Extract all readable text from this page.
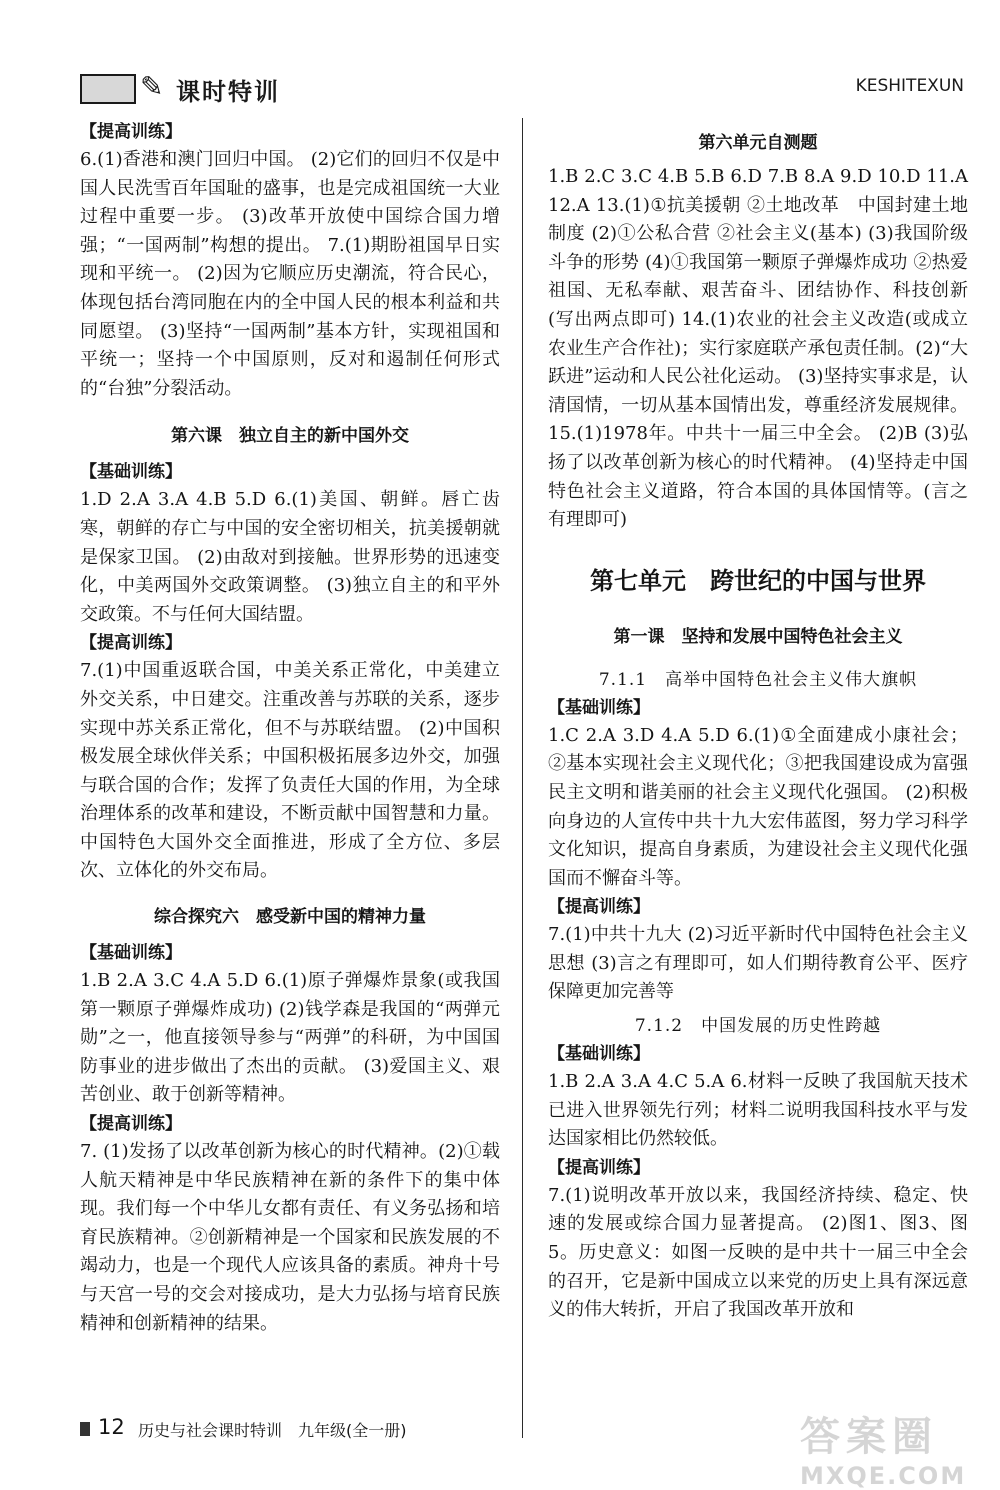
✎ 课时特训	KESHITEXUN

【提高训练】

6.(1)香港和澳门回归中国。 (2)它们的回归不仅是中国人民洗雪百年国耻的盛事，也是完成祖国统一大业过程中重要一步。 (3)改革开放使中国综合国力增强；“一国两制”构想的提出。 7.(1)期盼祖国早日实现和平统一。 (2)因为它顺应历史潮流，符合民心，体现包括台湾同胞在内的全中国人民的根本利益和共同愿望。 (3)坚持“一国两制”基本方针，实现祖国和平统一；坚持一个中国原则，反对和遏制任何形式的“台独”分裂活动。

第六课　独立自主的新中国外交

【基础训练】

1.D 2.A 3.A 4.B 5.D 6.(1)美国、朝鲜。唇亡齿寒，朝鲜的存亡与中国的安全密切相关，抗美援朝就是保家卫国。 (2)由敌对到接触。世界形势的迅速变化，中美两国外交政策调整。 (3)独立自主的和平外交政策。不与任何大国结盟。

【提高训练】

7.(1)中国重返联合国，中美关系正常化，中美建立外交关系，中日建交。注重改善与苏联的关系，逐步实现中苏关系正常化，但不与苏联结盟。 (2)中国积极发展全球伙伴关系；中国积极拓展多边外交，加强与联合国的合作；发挥了负责任大国的作用，为全球治理体系的改革和建设，不断贡献中国智慧和力量。中国特色大国外交全面推进，形成了全方位、多层次、立体化的外交布局。

综合探究六　感受新中国的精神力量

【基础训练】

1.B 2.A 3.C 4.A 5.D 6.(1)原子弹爆炸景象(或我国第一颗原子弹爆炸成功) (2)钱学森是我国的“两弹元勋”之一，他直接领导参与“两弹”的科研，为中国国防事业的进步做出了杰出的贡献。 (3)爱国主义、艰苦创业、敢于创新等精神。

【提高训练】

7. (1)发扬了以改革创新为核心的时代精神。(2)①载人航天精神是中华民族精神在新的条件下的集中体现。我们每一个中华儿女都有责任、有义务弘扬和培育民族精神。②创新精神是一个国家和民族发展的不竭动力，也是一个现代人应该具备的素质。神舟十号与天宫一号的交会对接成功，是大力弘扬与培育民族精神和创新精神的结果。

第六单元自测题

1.B 2.C 3.C 4.B 5.B 6.D 7.B 8.A 9.D 10.D 11.A 12.A 13.(1)①抗美援朝 ②土地改革　中国封建土地制度 (2)①公私合营 ②社会主义(基本) (3)我国阶级斗争的形势 (4)①我国第一颗原子弹爆炸成功 ②热爱祖国、无私奉献、艰苦奋斗、团结协作、科技创新(写出两点即可) 14.(1)农业的社会主义改造(或成立农业生产合作社)；实行家庭联产承包责任制。(2)“大跃进”运动和人民公社化运动。 (3)坚持实事求是，认清国情，一切从基本国情出发，尊重经济发展规律。 15.(1)1978年。中共十一届三中全会。 (2)B (3)弘扬了以改革创新为核心的时代精神。 (4)坚持走中国特色社会主义道路，符合本国的具体国情等。(言之有理即可)

第七单元　跨世纪的中国与世界

第一课　坚持和发展中国特色社会主义

7.1.1　高举中国特色社会主义伟大旗帜

【基础训练】

1.C 2.A 3.D 4.A 5.D 6.(1)①全面建成小康社会；②基本实现社会主义现代化；③把我国建设成为富强民主文明和谐美丽的社会主义现代化强国。 (2)积极向身边的人宣传中共十九大宏伟蓝图，努力学习科学文化知识，提高自身素质，为建设社会主义现代化强国而不懈奋斗等。

【提高训练】

7.(1)中共十九大 (2)习近平新时代中国特色社会主义思想 (3)言之有理即可，如人们期待教育公平、医疗保障更加完善等

7.1.2　中国发展的历史性跨越

【基础训练】

1.B 2.A 3.A 4.C 5.A 6.材料一反映了我国航天技术已进入世界领先行列；材料二说明我国科技水平与发达国家相比仍然较低。

【提高训练】

7.(1)说明改革开放以来，我国经济持续、稳定、快速的发展或综合国力显著提高。 (2)图1、图3、图5。历史意义：如图一反映的是中共十一届三中全会的召开，它是新中国成立以来党的历史上具有深远意义的伟大转折，开启了我国改革开放和

12 历史与社会课时特训　九年级(全一册)	答案圈
MXQE.COM
